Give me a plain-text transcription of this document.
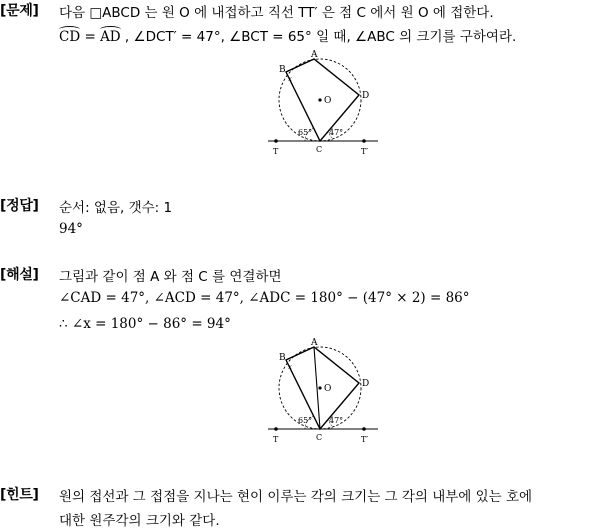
[문제] 다음 □ABCD 는 원 O 에 내접하고 직선 TT′ 은 점 C 에서 원 O 에 접한다.
CD = AD , ∠DCT′ = 47°, ∠BCT = 65° 일 때, ∠ABC 의 크기를 구하여라.
A
B
D
O
C
T	T′
x
65° 47°
[정답] 순서: 없음, 갯수: 1
94°
[해설] 그림과 같이 점 A 와 점 C 를 연결하면
∠CAD = 47°, ∠ACD = 47°, ∠ADC = 180° − (47° × 2) = 86°
∴ ∠x = 180° − 86° = 94°
A
B
D
O
C
T	T′
x
65° 47°
[힌트] 원의 접선과 그 접점을 지나는 현이 이루는 각의 크기는 그 각의 내부에 있는 호에
대한 원주각의 크기와 같다.
